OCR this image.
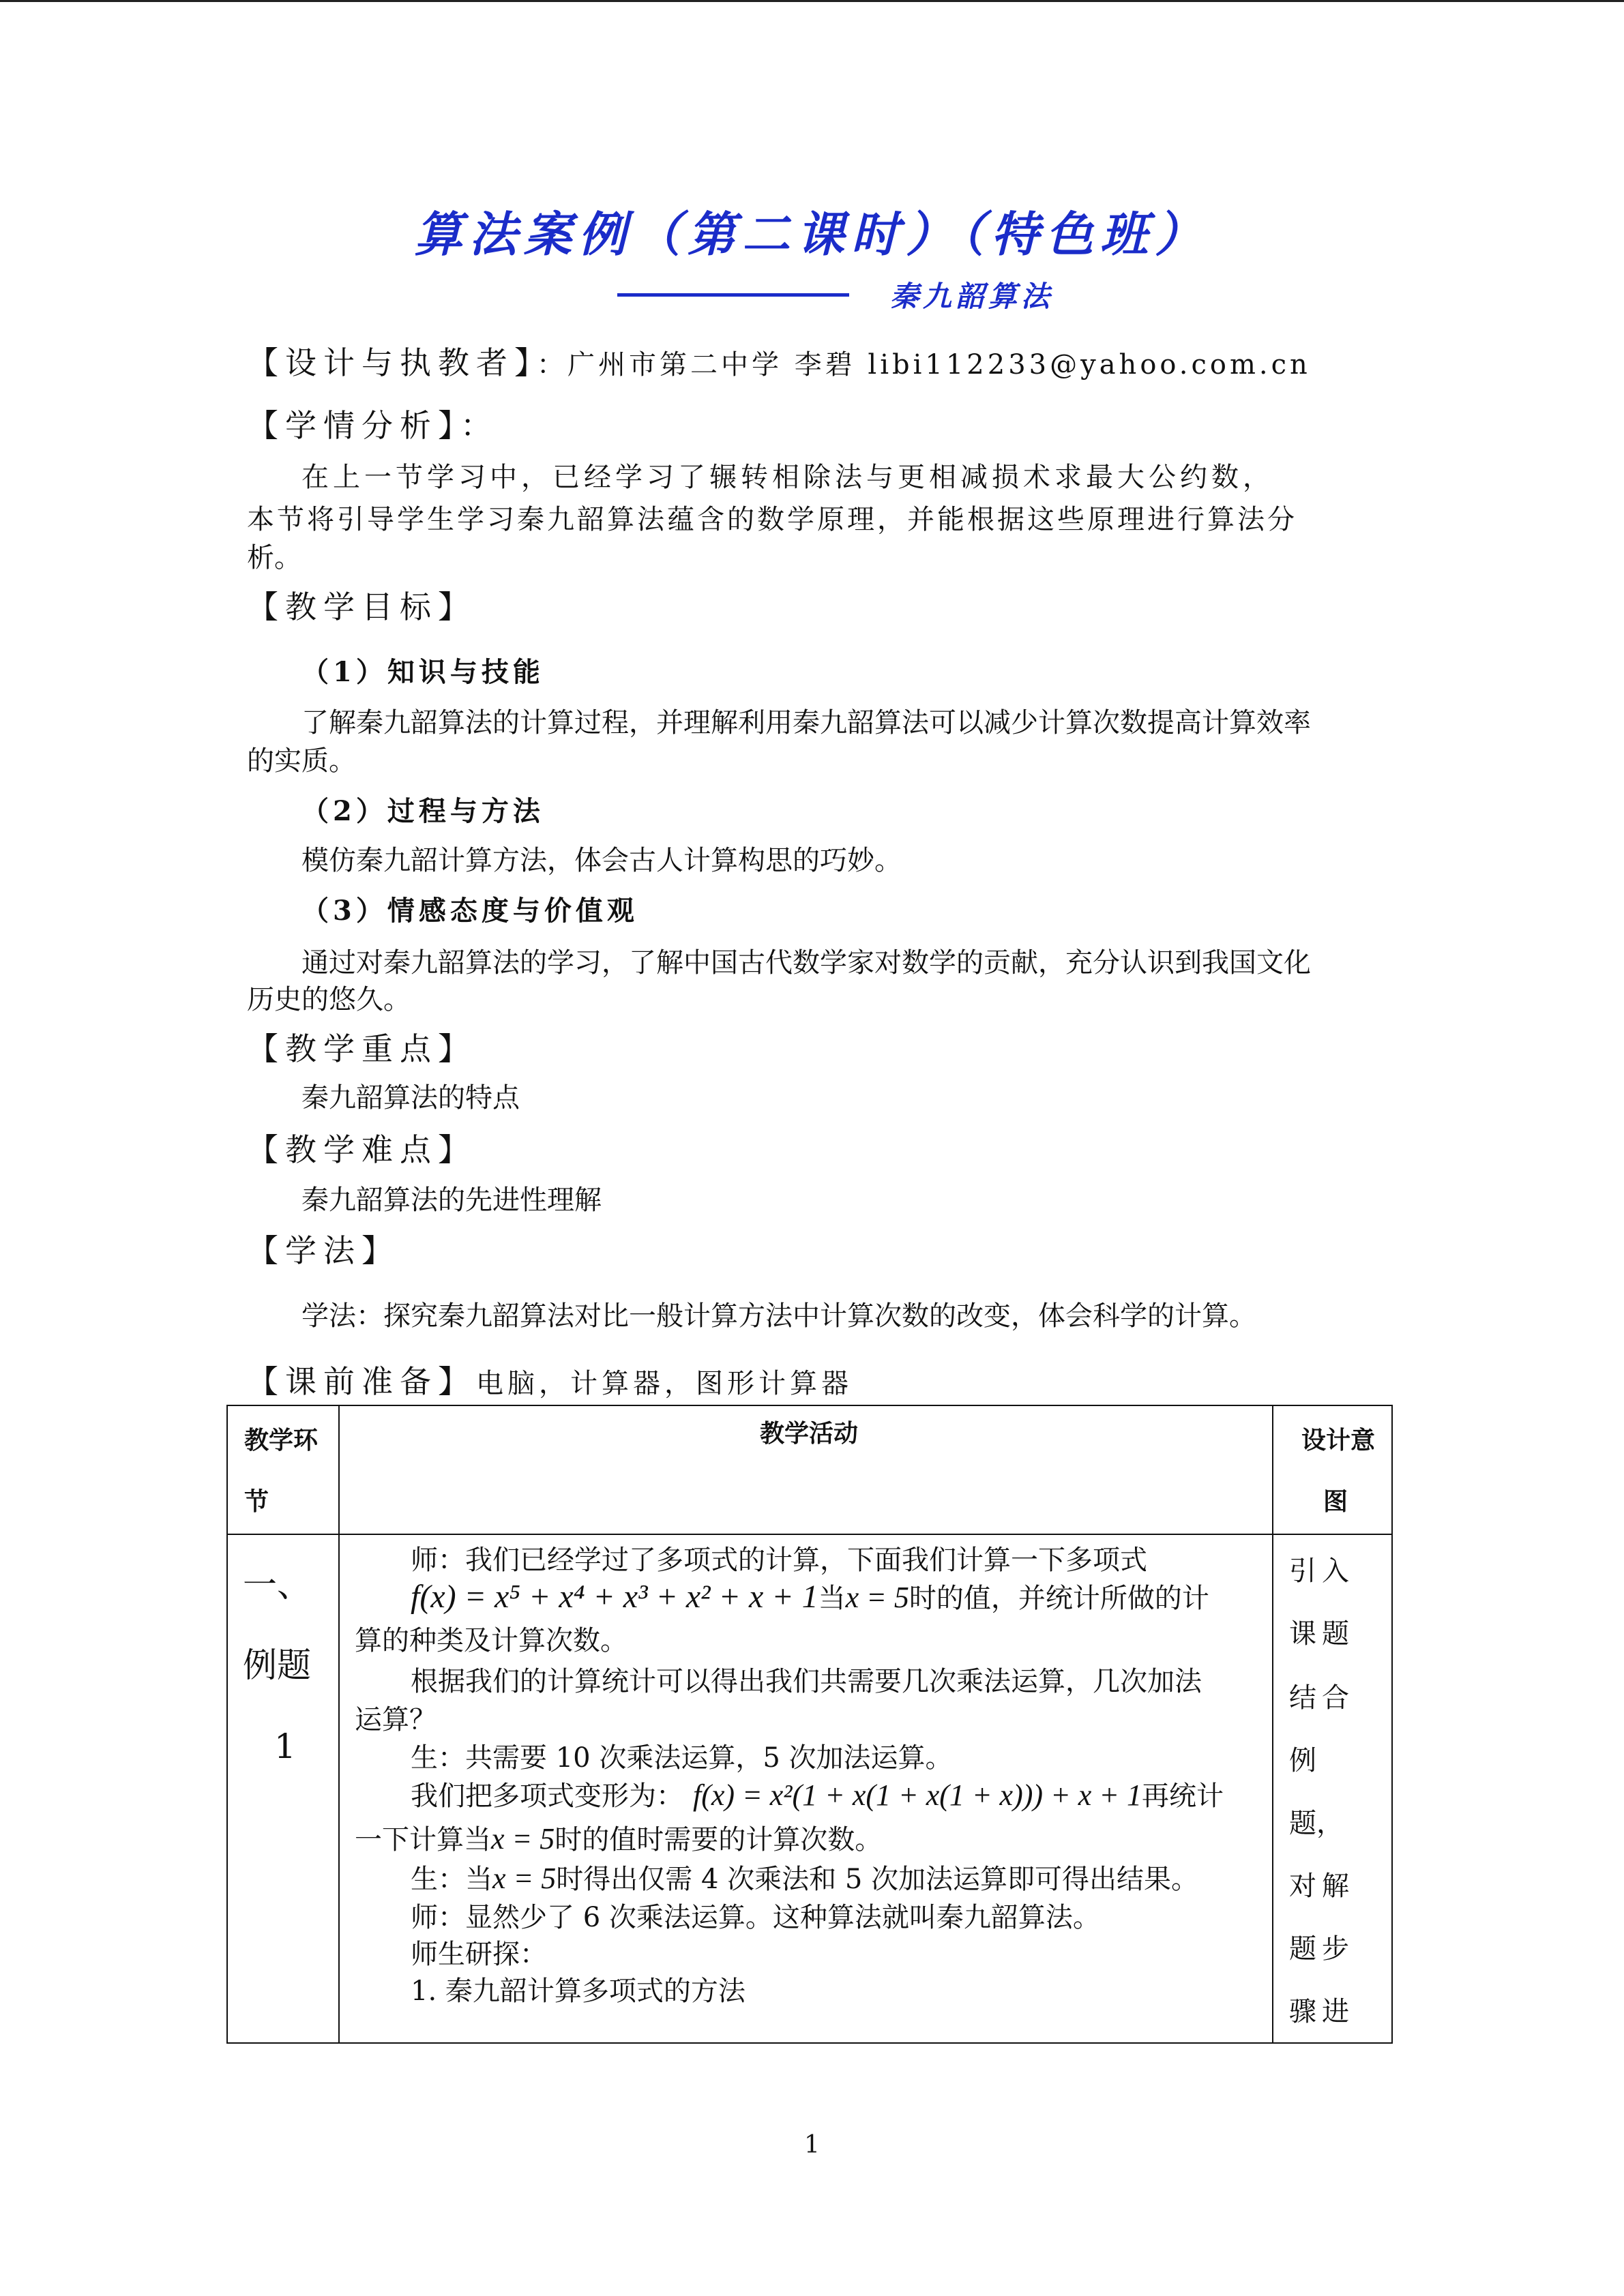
算法案例（第二课时）（特色班）
秦九韶算法
【设计与执教者】：广州市第二中学 李碧 libi112233@yahoo.com.cn
【学情分析】：
在上一节学习中，已经学习了辗转相除法与更相减损术求最大公约数，
本节将引导学生学习秦九韶算法蕴含的数学原理，并能根据这些原理进行算法分
析。
【教学目标】
（1）知识与技能
了解秦九韶算法的计算过程，并理解利用秦九韶算法可以减少计算次数提高计算效率
的实质。
（2）过程与方法
模仿秦九韶计算方法，体会古人计算构思的巧妙。
（3）情感态度与价值观
通过对秦九韶算法的学习，了解中国古代数学家对数学的贡献，充分认识到我国文化
历史的悠久。
【教学重点】
秦九韶算法的特点
【教学难点】
秦九韶算法的先进性理解
【学法】
学法：探究秦九韶算法对比一般计算方法中计算次数的改变，体会科学的计算。
【课前准备】电脑，计算器，图形计算器
教学环
节
教学活动	设计意
图
一、
例题
1
师：我们已经学过了多项式的计算，下面我们计算一下多项式
f(x) = x⁵ + x⁴ + x³ + x² + x + 1当x = 5时的值，并统计所做的计
算的种类及计算次数。
根据我们的计算统计可以得出我们共需要几次乘法运算，几次加法
运算？
生：共需要 10 次乘法运算，5 次加法运算。
我们把多项式变形为： f(x) = x²(1 + x(1 + x(1 + x))) + x + 1再统计
一下计算当x = 5时的值时需要的计算次数。
生：当x = 5时得出仅需 4 次乘法和 5 次加法运算即可得出结果。
师：显然少了 6 次乘法运算。这种算法就叫秦九韶算法。
师生研探：
1. 秦九韶计算多项式的方法
引入
课题
结合
例
题，
对解
题步
骤进
1
